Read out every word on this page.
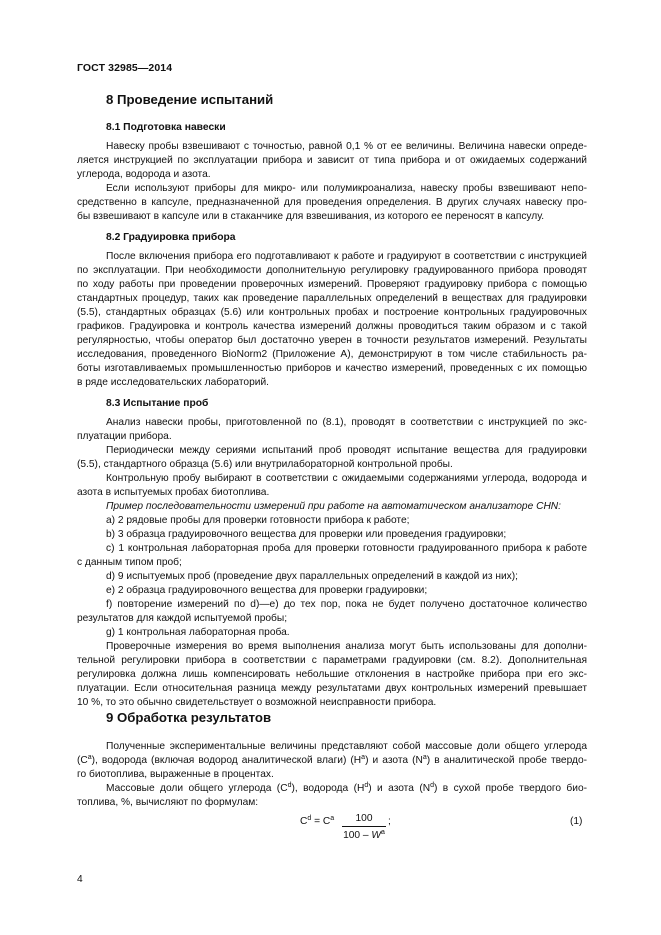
ГОСТ 32985—2014
8 Проведение испытаний
8.1 Подготовка навески
Навеску пробы взвешивают с точностью, равной 0,1 % от ее величины. Величина навески опреде-
ляется инструкцией по эксплуатации прибора и зависит от типа прибора и от ожидаемых содержаний
углерода, водорода и азота.
Если используют приборы для микро- или полумикроанализа, навеску пробы взвешивают непо-
средственно в капсуле, предназначенной для проведения определения. В других случаях навеску про-
бы взвешивают в капсуле или в стаканчике для взвешивания, из которого ее переносят в капсулу.
8.2 Градуировка прибора
После включения прибора его подготавливают к работе и градуируют в соответствии с инструкцией
по эксплуатации. При необходимости дополнительную регулировку градуированного прибора проводят
по ходу работы при проведении проверочных измерений. Проверяют градуировку прибора с помощью
стандартных процедур, таких как проведение параллельных определений в веществах для градуировки
(5.5), стандартных образцах (5.6) или контрольных пробах и построение контрольных градуировочных
графиков. Градуировка и контроль качества измерений должны проводиться таким образом и с такой
регулярностью, чтобы оператор был достаточно уверен в точности результатов измерений. Результаты
исследования, проведенного BioNorm2 (Приложение А), демонстрируют в том числе стабильность ра-
боты изготавливаемых промышленностью приборов и качество измерений, проведенных с их помощью
в ряде исследовательских лабораторий.
8.3 Испытание проб
Анализ навески пробы, приготовленной по (8.1), проводят в соответствии с инструкцией по экс-
плуатации прибора.
Периодически между сериями испытаний проб проводят испытание вещества для градуировки
(5.5), стандартного образца (5.6) или внутрилабораторной контрольной пробы.
Контрольную пробу выбирают в соответствии с ожидаемыми содержаниями углерода, водорода и
азота в испытуемых пробах биотоплива.
Пример последовательности измерений при работе на автоматическом анализаторе CHN:
а) 2 рядовые пробы для проверки готовности прибора к работе;
b) 3 образца градуировочного вещества для проверки или проведения градуировки;
с) 1 контрольная лабораторная проба для проверки готовности градуированного прибора к работе
с данным типом проб;
d) 9 испытуемых проб (проведение двух параллельных определений в каждой из них);
е) 2 образца градуировочного вещества для проверки градуировки;
f) повторение измерений по d)—е) до тех пор, пока не будет получено достаточное количество
результатов для каждой испытуемой пробы;
g) 1 контрольная лабораторная проба.
Проверочные измерения во время выполнения анализа могут быть использованы для дополни-
тельной регулировки прибора в соответствии с параметрами градуировки (см. 8.2). Дополнительная
регулировка должна лишь компенсировать небольшие отклонения в настройке прибора при его экс-
плуатации. Если относительная разница между результатами двух контрольных измерений превышает
10 %, то это обычно свидетельствует о возможной неисправности прибора.
9 Обработка результатов
Полученные экспериментальные величины представляют собой массовые доли общего углерода
$(C^a)$, водорода (включая водород аналитической влаги) $(H^a)$ и азота $(N^a)$ в аналитической пробе твердо-
го биотоплива, выраженные в процентах.
Массовые доли общего углерода $(C^d)$, водорода $(H^d)$ и азота $(N^d)$ в сухой пробе твердого био-
топлива, %, вычисляют по формулам:
$C^d = C^a$	100
$100 - W^a$
;	(1)
4
